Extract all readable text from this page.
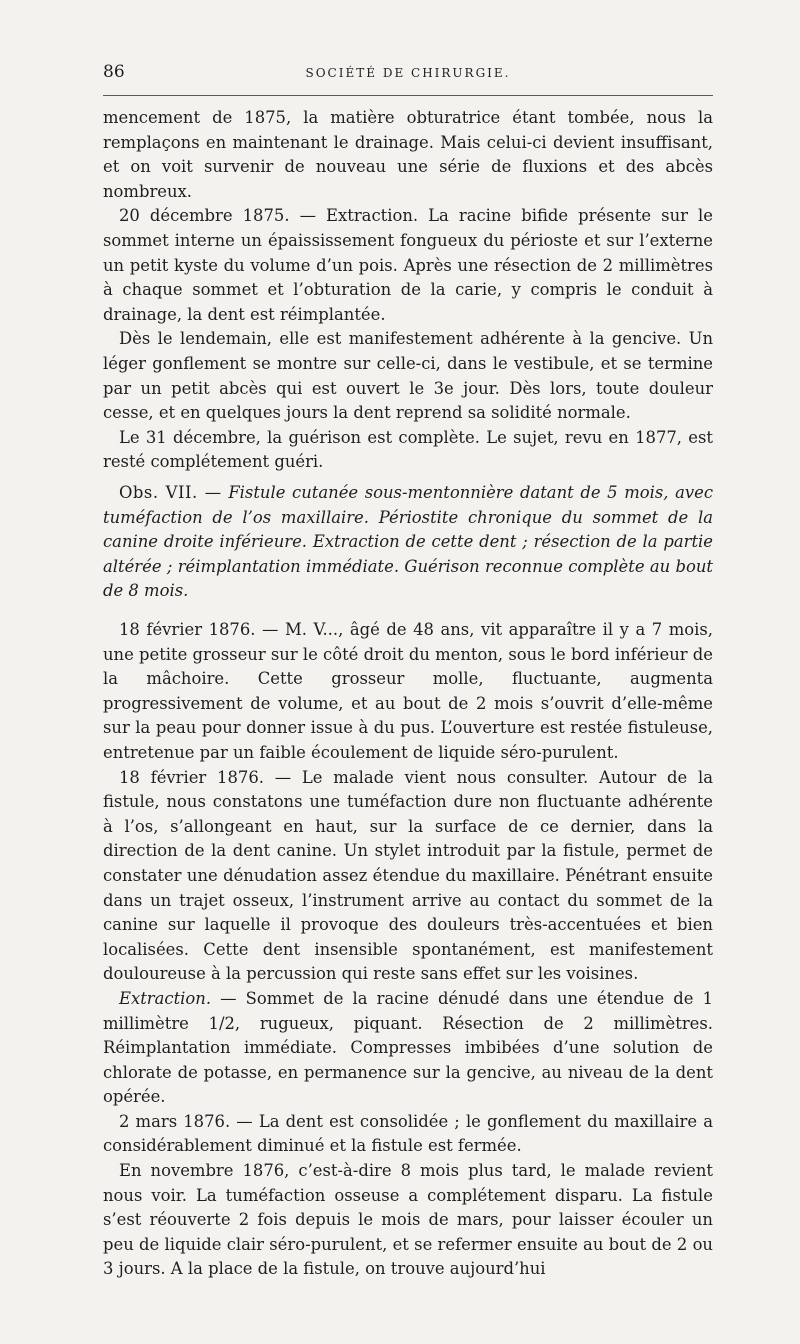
86	SOCIÉTÉ DE CHIRURGIE.

mencement de 1875, la matière obturatrice étant tombée, nous la remplaçons en maintenant le drainage. Mais celui-ci devient insuffisant, et on voit survenir de nouveau une série de fluxions et des abcès nombreux.

20 décembre 1875. — Extraction. La racine bifide présente sur le sommet interne un épaississement fongueux du périoste et sur l’externe un petit kyste du volume d’un pois. Après une résection de 2 millimètres à chaque sommet et l’obturation de la carie, y compris le conduit à drainage, la dent est réimplantée.

Dès le lendemain, elle est manifestement adhérente à la gencive. Un léger gonflement se montre sur celle-ci, dans le vestibule, et se termine par un petit abcès qui est ouvert le 3e jour. Dès lors, toute douleur cesse, et en quelques jours la dent reprend sa solidité normale.

Le 31 décembre, la guérison est complète. Le sujet, revu en 1877, est resté complétement guéri.

Obs. VII. — Fistule cutanée sous-mentonnière datant de 5 mois, avec tuméfaction de l’os maxillaire. Périostite chronique du sommet de la canine droite inférieure. Extraction de cette dent ; résection de la partie altérée ; réimplantation immédiate. Guérison reconnue complète au bout de 8 mois.

18 février 1876. — M. V..., âgé de 48 ans, vit apparaître il y a 7 mois, une petite grosseur sur le côté droit du menton, sous le bord inférieur de la mâchoire. Cette grosseur molle, fluctuante, augmenta progressivement de volume, et au bout de 2 mois s’ouvrit d’elle-même sur la peau pour donner issue à du pus. L’ouverture est restée fistuleuse, entretenue par un faible écoulement de liquide séro-purulent.

18 février 1876. — Le malade vient nous consulter. Autour de la fistule, nous constatons une tuméfaction dure non fluctuante adhérente à l’os, s’allongeant en haut, sur la surface de ce dernier, dans la direction de la dent canine. Un stylet introduit par la fistule, permet de constater une dénudation assez étendue du maxillaire. Pénétrant ensuite dans un trajet osseux, l’instrument arrive au contact du sommet de la canine sur laquelle il provoque des douleurs très-accentuées et bien localisées. Cette dent insensible spontanément, est manifestement douloureuse à la percussion qui reste sans effet sur les voisines.

Extraction. — Sommet de la racine dénudé dans une étendue de 1 millimètre 1/2, rugueux, piquant. Résection de 2 millimètres. Réimplantation immédiate. Compresses imbibées d’une solution de chlorate de potasse, en permanence sur la gencive, au niveau de la dent opérée.

2 mars 1876. — La dent est consolidée ; le gonflement du maxillaire a considérablement diminué et la fistule est fermée.

En novembre 1876, c’est-à-dire 8 mois plus tard, le malade revient nous voir. La tuméfaction osseuse a complétement disparu. La fistule s’est réouverte 2 fois depuis le mois de mars, pour laisser écouler un peu de liquide clair séro-purulent, et se refermer ensuite au bout de 2 ou 3 jours. A la place de la fistule, on trouve aujourd’hui
